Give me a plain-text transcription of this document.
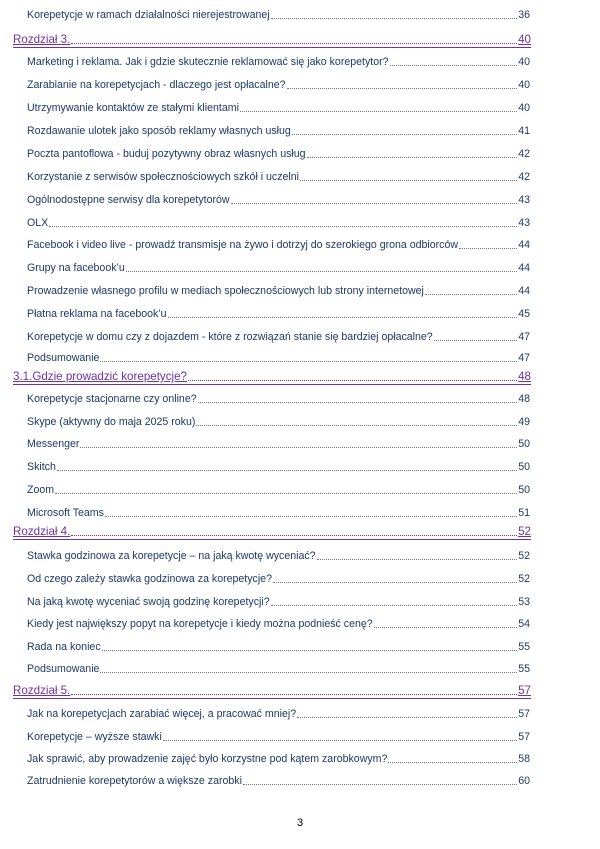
Korepetycje w ramach działalności nierejestrowanej	36
Rozdział 3.	40
Marketing i reklama. Jak i gdzie skutecznie reklamować się jako korepetytor?	40
Zarabianie na korepetycjach - dlaczego jest opłacalne?	40
Utrzymywanie kontaktów ze stałymi klientami	40
Rozdawanie ulotek jako sposób reklamy własnych usług	41
Poczta pantoflowa - buduj pozytywny obraz własnych usług	42
Korzystanie z serwisów społecznościowych szkół i uczelni	42
Ogólnodostępne serwisy dla korepetytorów	43
OLX	43
Facebook i video live - prowadź transmisje na żywo i dotrzyj do szerokiego grona odbiorców	44
Grupy na facebook’u	44
Prowadzenie własnego profilu w mediach społecznościowych lub strony internetowej	44
Płatna reklama na facebook’u	45
Korepetycje w domu czy z dojazdem - które z rozwiązań stanie się bardziej opłacalne?	47
Podsumowanie	47
3.1.Gdzie prowadzić korepetycje?	48
Korepetycje stacjonarne czy online?	48
Skype (aktywny do maja 2025 roku)	49
Messenger	50
Skitch	50
Zoom	50
Microsoft Teams	51
Rozdział 4.	52
Stawka godzinowa za korepetycje – na jaką kwotę wyceniać?	52
Od czego zależy stawka godzinowa za korepetycje?	52
Na jaką kwotę wyceniać swoją godzinę korepetycji?	53
Kiedy jest największy popyt na korepetycje i kiedy można podnieść cenę?	54
Rada na koniec	55
Podsumowanie	55
Rozdział 5.	57
Jak na korepetycjach zarabiać więcej, a pracować mniej?	57
Korepetycje – wyższe stawki	57
Jak sprawić, aby prowadzenie zajęć było korzystne pod kątem zarobkowym?	58
Zatrudnienie korepetytorów a większe zarobki	60
3
